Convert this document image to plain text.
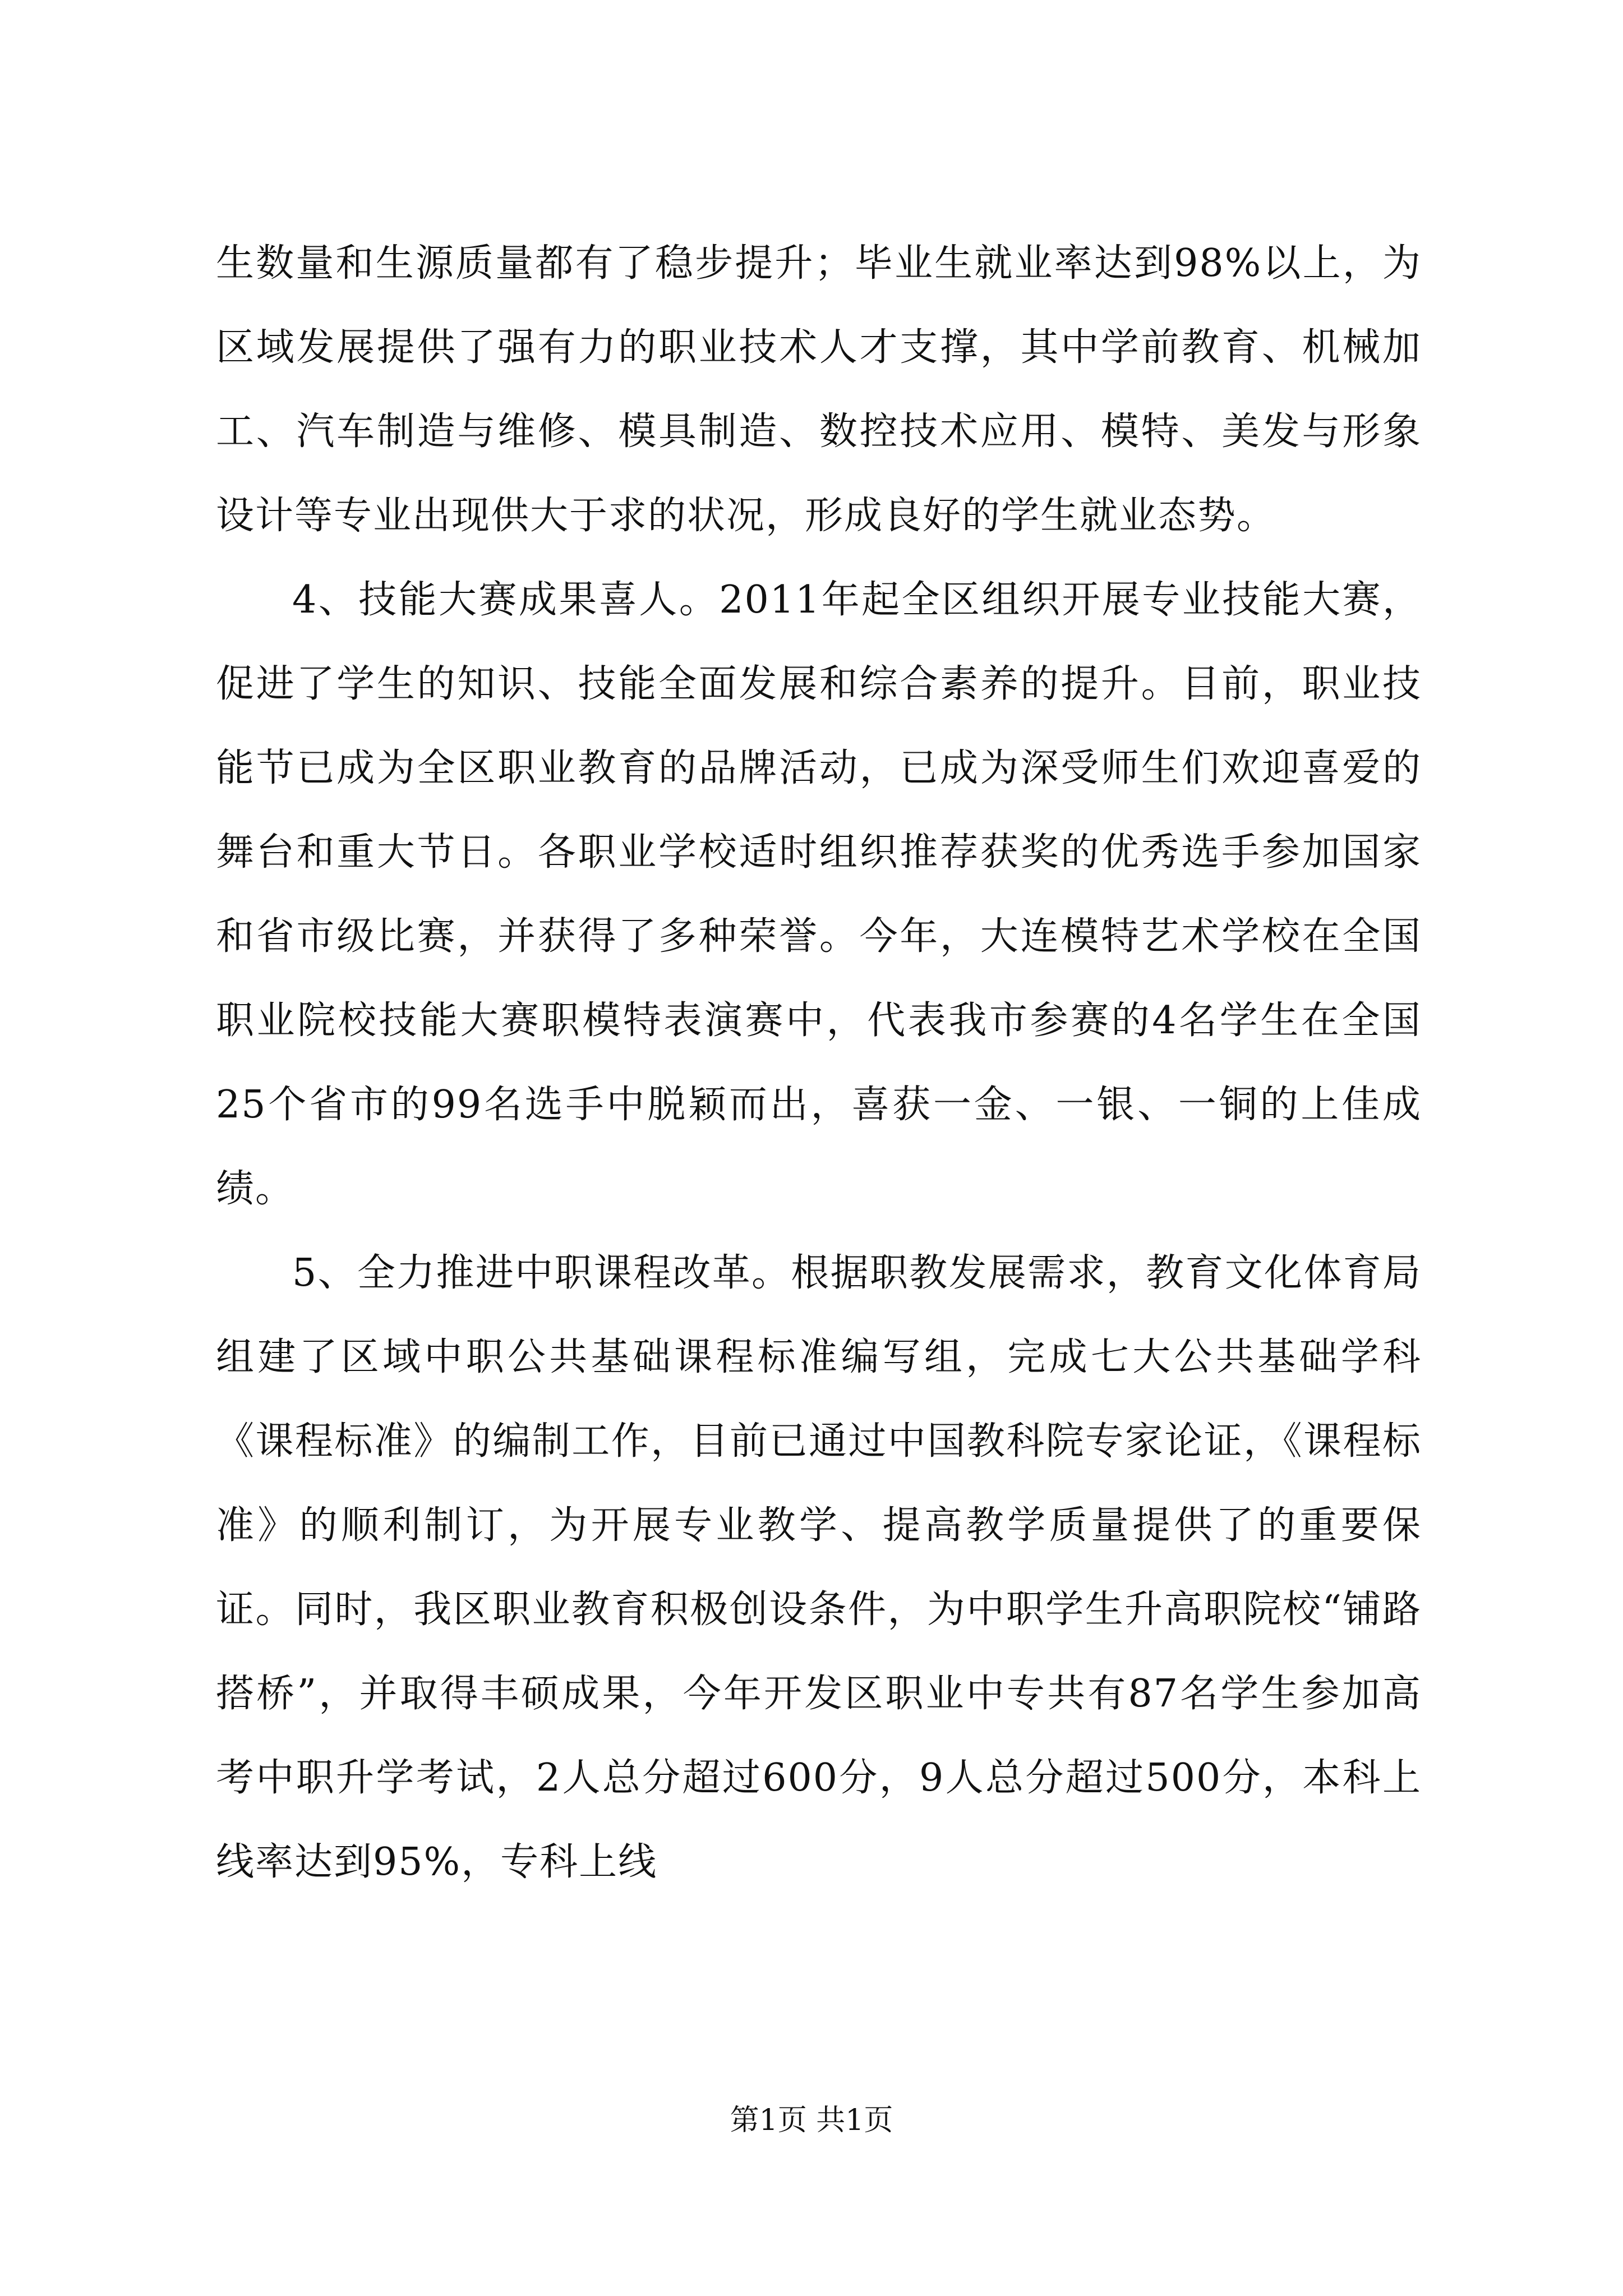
生数量和生源质量都有了稳步提升；毕业生就业率达到98%以上，为区域发展提供了强有力的职业技术人才支撑，其中学前教育、机械加工、汽车制造与维修、模具制造、数控技术应用、模特、美发与形象设计等专业出现供大于求的状况，形成良好的学生就业态势。

4、技能大赛成果喜人。2011年起全区组织开展专业技能大赛，促进了学生的知识、技能全面发展和综合素养的提升。目前，职业技能节已成为全区职业教育的品牌活动，已成为深受师生们欢迎喜爱的舞台和重大节日。各职业学校适时组织推荐获奖的优秀选手参加国家和省市级比赛，并获得了多种荣誉。今年，大连模特艺术学校在全国职业院校技能大赛职模特表演赛中，代表我市参赛的4名学生在全国25个省市的99名选手中脱颖而出，喜获一金、一银、一铜的上佳成绩。

5、全力推进中职课程改革。根据职教发展需求，教育文化体育局组建了区域中职公共基础课程标准编写组，完成七大公共基础学科《课程标准》的编制工作，目前已通过中国教科院专家论证，《课程标准》的顺利制订，为开展专业教学、提高教学质量提供了的重要保证。同时，我区职业教育积极创设条件，为中职学生升高职院校“铺路搭桥”，并取得丰硕成果，今年开发区职业中专共有87名学生参加高考中职升学考试，2人总分超过600分，9人总分超过500分，本科上线率达到95%，专科上线

第1页 共1页
